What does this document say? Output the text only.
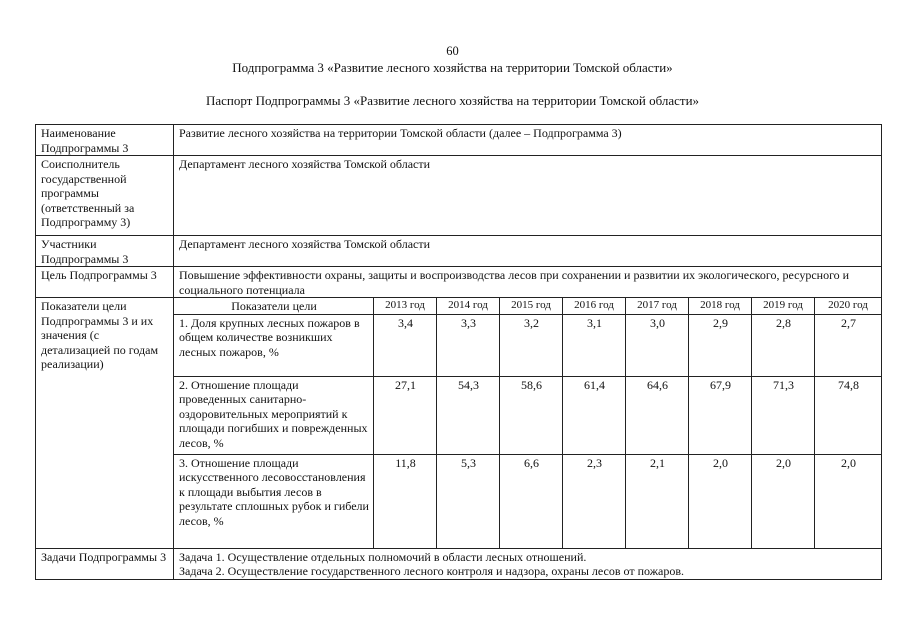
60
Подпрограмма 3 «Развитие лесного хозяйства на территории Томской области»
Паспорт Подпрограммы 3 «Развитие лесного хозяйства на территории Томской области»
Наименование Подпрограммы 3	Развитие лесного хозяйства на территории Томской области (далее – Подпрограмма 3)								
Соисполнитель государственной программы (ответственный за Подпрограмму 3)	Департамент лесного хозяйства Томской области								
Участники Подпрограммы 3	Департамент лесного хозяйства Томской области								
Цель Подпрограммы 3	Повышение эффективности охраны, защиты и воспроизводства лесов при сохранении и развитии их экологического, ресурсного и социального потенциала								
Показатели цели Подпрограммы 3 и их значения (с детализацией по годам реализации)	Показатели цели	2013 год	2014 год	2015 год	2016 год	2017 год	2018 год	2019 год	2020 год
	1. Доля крупных лесных пожаров в общем количестве возникших лесных пожаров, %	3,4	3,3	3,2	3,1	3,0	2,9	2,8	2,7
	2. Отношение площади проведенных санитарно-оздоровительных мероприятий к площади погибших и поврежденных лесов, %	27,1	54,3	58,6	61,4	64,6	67,9	71,3	74,8
	3. Отношение площади искусственного лесовосстановления к площади выбытия лесов в результате сплошных рубок и гибели лесов, %	11,8	5,3	6,6	2,3	2,1	2,0	2,0	2,0
Задачи Подпрограммы 3	Задача 1. Осуществление отдельных полномочий в области лесных отношений.
Задача 2. Осуществление государственного лесного контроля и надзора, охраны лесов от пожаров.								
